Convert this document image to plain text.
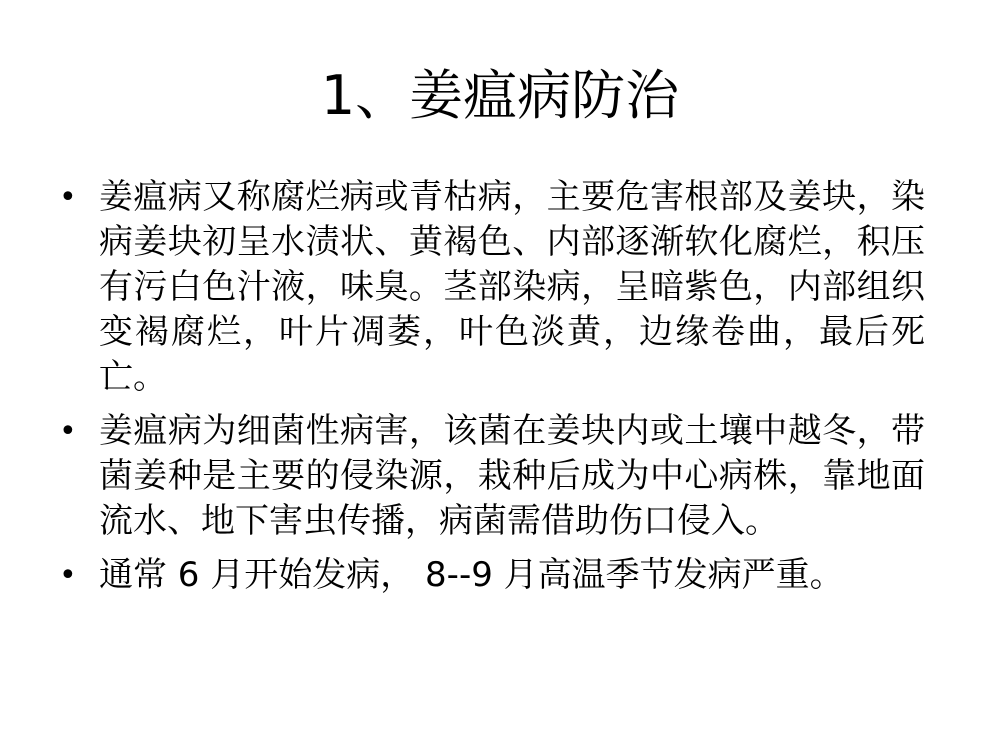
1、姜瘟病防治
• 姜瘟病又称腐烂病或青枯病，主要危害根部及姜块，染病姜块初呈水渍状、黄褐色、内部逐渐软化腐烂，积压有污白色汁液，味臭。茎部染病，呈暗紫色，内部组织变褐腐烂，叶片凋萎，叶色淡黄，边缘卷曲，最后死亡。
• 姜瘟病为细菌性病害，该菌在姜块内或土壤中越冬，带菌姜种是主要的侵染源，栽种后成为中心病株，靠地面流水、地下害虫传播，病菌需借助伤口侵入。
• 通常 6 月开始发病， 8--9 月高温季节发病严重。
